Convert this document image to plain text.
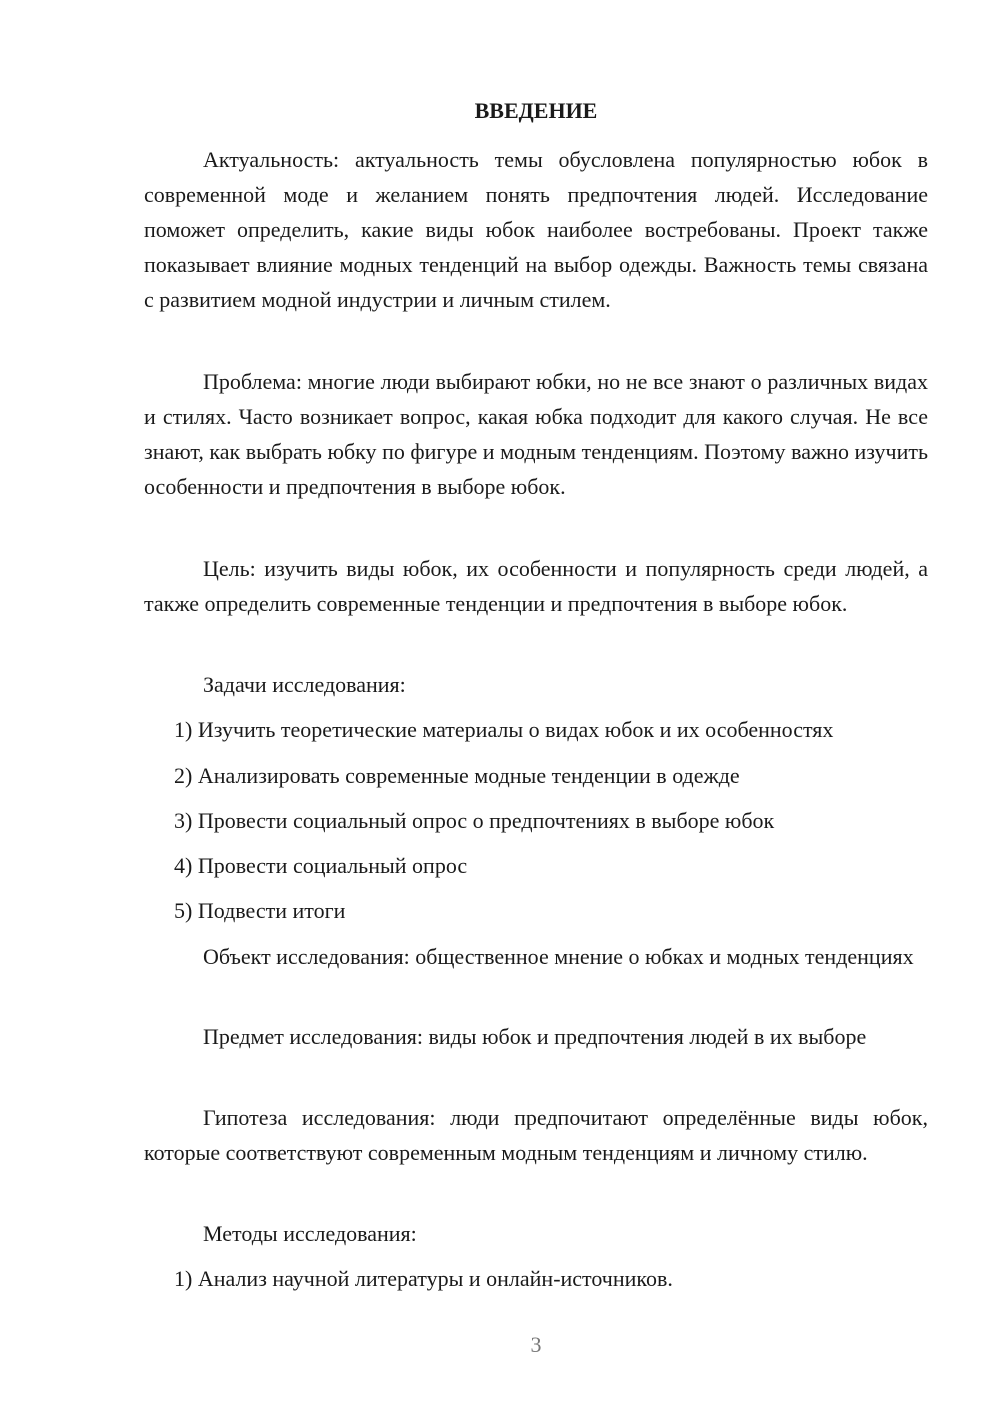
ВВЕДЕНИЕ

Актуальность: актуальность темы обусловлена популярностью юбок в современной моде и желанием понять предпочтения людей. Исследование поможет определить, какие виды юбок наиболее востребованы. Проект также показывает влияние модных тенденций на выбор одежды. Важность темы связана с развитием модной индустрии и личным стилем.

Проблема: многие люди выбирают юбки, но не все знают о различных видах и стилях. Часто возникает вопрос, какая юбка подходит для какого случая. Не все знают, как выбрать юбку по фигуре и модным тенденциям. Поэтому важно изучить особенности и предпочтения в выборе юбок.

Цель: изучить виды юбок, их особенности и популярность среди людей, а также определить современные тенденции и предпочтения в выборе юбок.

Задачи исследования:

1) Изучить теоретические материалы о видах юбок и их особенностях

2) Анализировать современные модные тенденции в одежде

3) Провести социальный опрос о предпочтениях в выборе юбок

4) Провести социальный опрос

5) Подвести итоги

Объект исследования: общественное мнение о юбках и модных тенденциях

Предмет исследования: виды юбок и предпочтения людей в их выборе

Гипотеза исследования: люди предпочитают определённые виды юбок, которые соответствуют современным модным тенденциям и личному стилю.

Методы исследования:

1) Анализ научной литературы и онлайн-источников.

3
